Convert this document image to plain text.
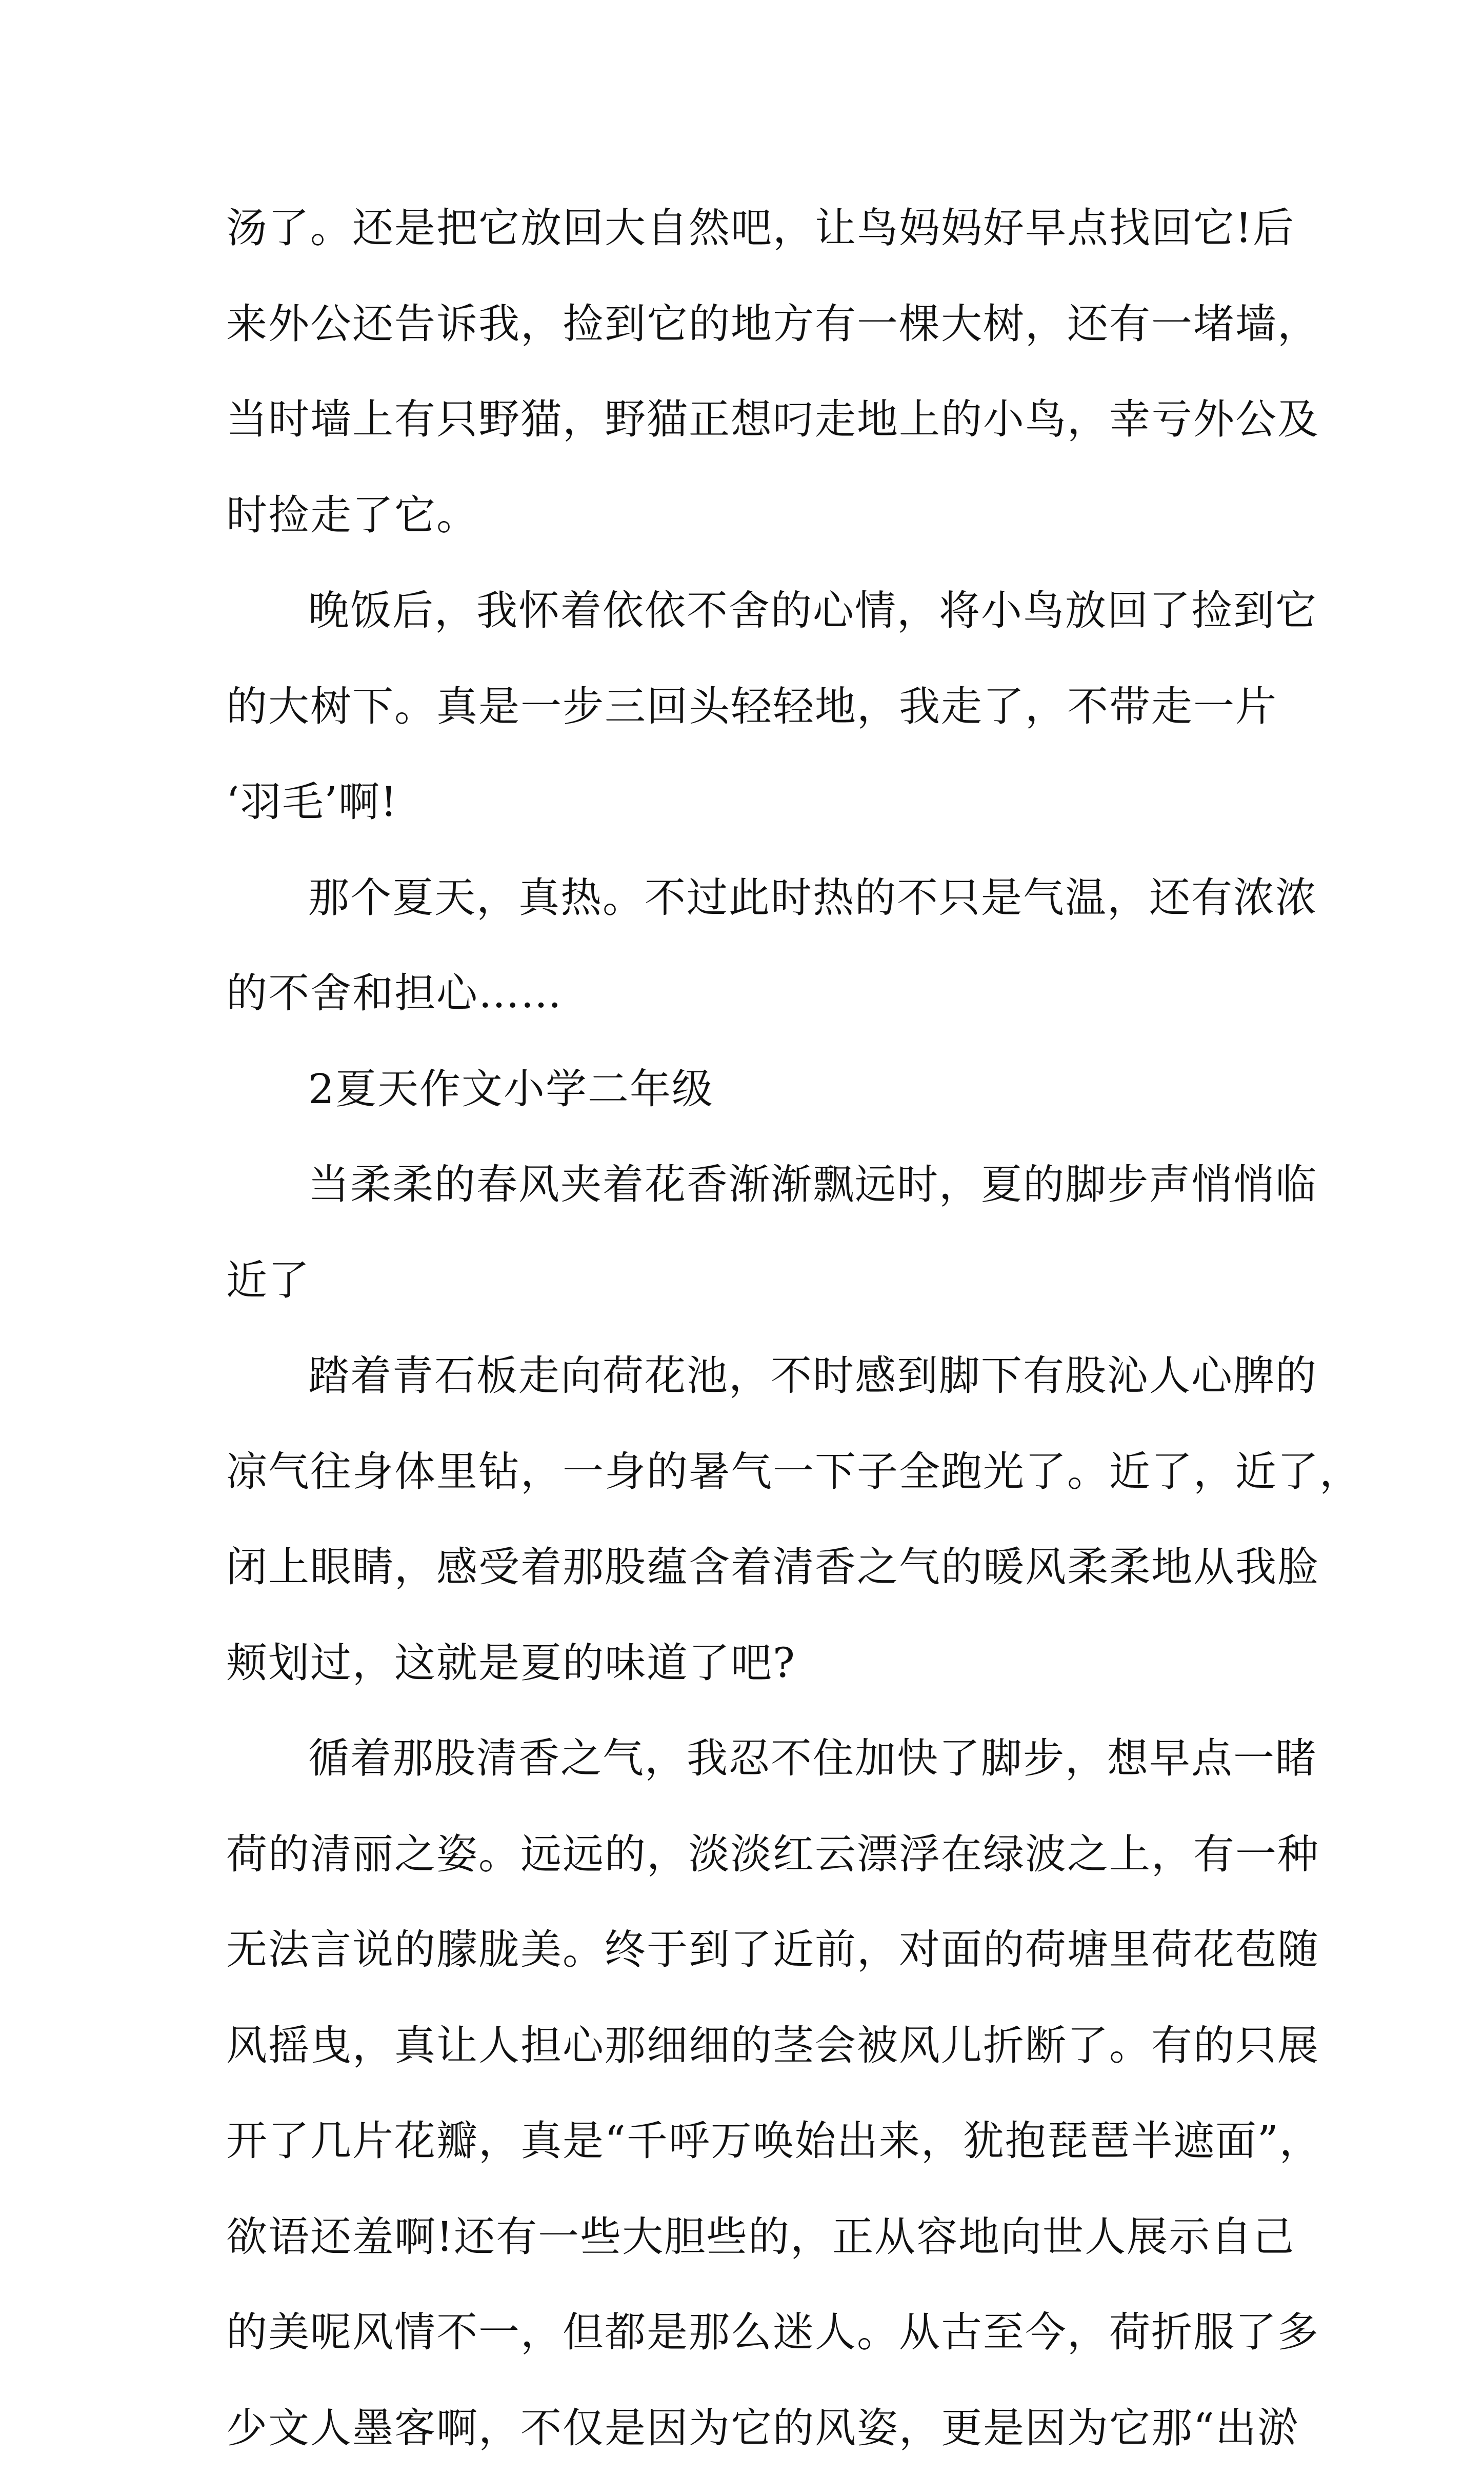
汤了。还是把它放回大自然吧，让鸟妈妈好早点找回它!后
来外公还告诉我，捡到它的地方有一棵大树，还有一堵墙，
当时墙上有只野猫，野猫正想叼走地上的小鸟，幸亏外公及
时捡走了它。
晚饭后，我怀着依依不舍的心情，将小鸟放回了捡到它
的大树下。真是一步三回头轻轻地，我走了，不带走一片
‘羽毛’啊!
那个夏天，真热。不过此时热的不只是气温，还有浓浓
的不舍和担心……
2夏天作文小学二年级
当柔柔的春风夹着花香渐渐飘远时，夏的脚步声悄悄临
近了
踏着青石板走向荷花池，不时感到脚下有股沁人心脾的
凉气往身体里钻，一身的暑气一下子全跑光了。近了，近了，
闭上眼睛，感受着那股蕴含着清香之气的暖风柔柔地从我脸
颊划过，这就是夏的味道了吧?
循着那股清香之气，我忍不住加快了脚步，想早点一睹
荷的清丽之姿。远远的，淡淡红云漂浮在绿波之上，有一种
无法言说的朦胧美。终于到了近前，对面的荷塘里荷花苞随
风摇曳，真让人担心那细细的茎会被风儿折断了。有的只展
开了几片花瓣，真是“千呼万唤始出来，犹抱琵琶半遮面”，
欲语还羞啊!还有一些大胆些的，正从容地向世人展示自己
的美呢风情不一，但都是那么迷人。从古至今，荷折服了多
少文人墨客啊，不仅是因为它的风姿，更是因为它那“出淤
